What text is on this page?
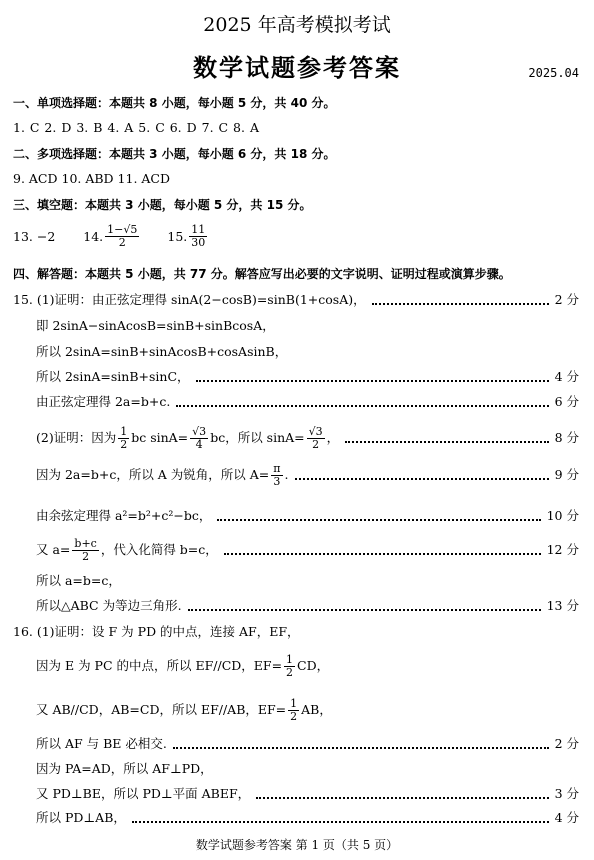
2025 年高考模拟考试
数学试题参考答案	2025.04
一、单项选择题：本题共 8 小题，每小题 5 分，共 40 分。
1. C 2. D 3. B 4. A 5. C 6. D 7. C 8. A
二、多项选择题：本题共 3 小题，每小题 6 分，共 18 分。
9. ACD 10. ABD 11. ACD
三、填空题：本题共 3 小题，每小题 5 分，共 15 分。
13. −2 14. $\frac{1-√5}{2} 15$. $\frac{11}{30}$
四、解答题：本题共 5 小题，共 77 分。解答应写出必要的文字说明、证明过程或演算步骤。
15. (1)证明：由正弦定理得 sinA(2−cosB)=sinB(1+cosA)，	2 分
即 2sinA−sinAcosB=sinB+sinBcosA，
所以 2sinA=sinB+sinAcosB+cosAsinB，
所以 2sinA=sinB+sinC，	4 分
由正弦定理得 2a=b+c.	6 分
(2)证明：因为 $\frac{1}{2}$ bc $\sin A= \frac{√3}{4}$ bc，所以 $\sin A= \frac{√3}{2}$ ，	8 分
因为 2a=b+c，所以 A 为锐角，所以 $A= \frac{\pi}{3}$ .	9 分
由余弦定理得 a²=b²+c²−bc，	10 分
又 $a= \frac{b+c}{2}$ ，代入化简得 b=c，	12 分
所以 a=b=c，
所以△ABC 为等边三角形.	13 分
16. (1)证明：设 F 为 PD 的中点，连接 AF，EF，
因为 E 为 PC 的中点，所以 EF//CD，$EF= \frac{1}{2}$ CD，
又 AB//CD，AB=CD，所以 EF//AB，$EF= \frac{1}{2}$ AB，
所以 AF 与 BE 必相交.	2 分
因为 PA=AD，所以 AF⊥PD，
又 PD⊥BE，所以 PD⊥平面 ABEF，	3 分
所以 PD⊥AB，	4 分
数学试题参考答案 第 1 页（共 5 页）
